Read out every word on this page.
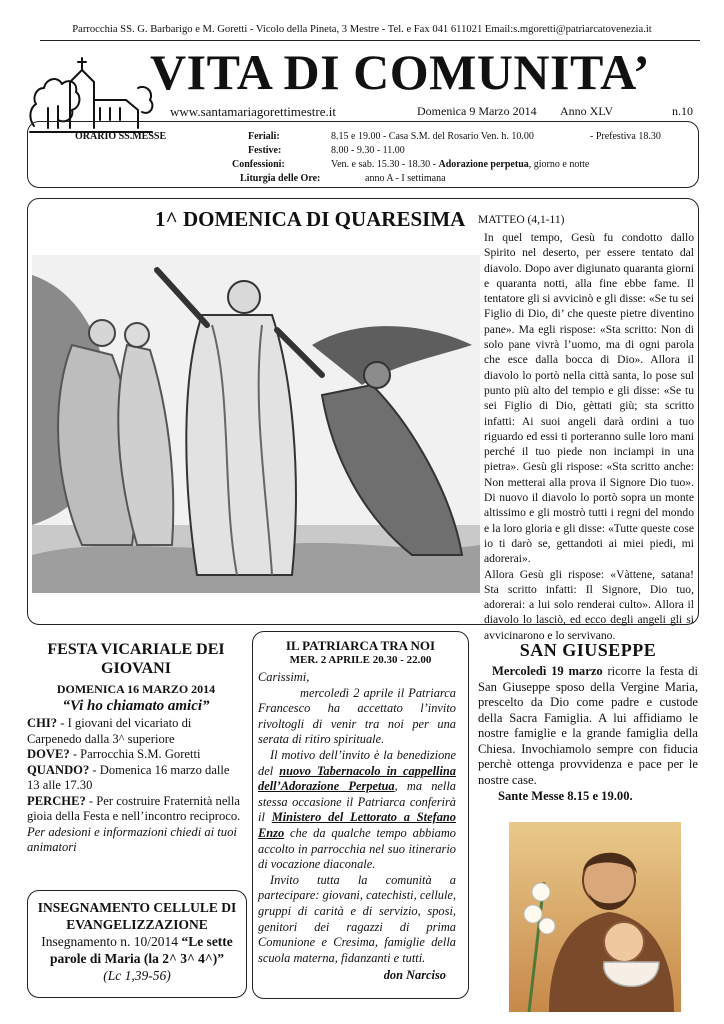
Parrocchia SS. G. Barbarigo e M. Goretti - Vicolo della Pineta, 3 Mestre - Tel. e Fax 041 611021 Email:s.mgoretti@patriarcatovenezia.it
VITA DI COMUNITA’
www.santamariagorettimestre.it	Domenica 9 Marzo 2014 Anno XLV	n.10
ORARIO SS.MESSE	Feriali:	8.15 e 19.00 - Casa S.M. del Rosario Ven. h. 10.00	- Prefestiva 18.30
Festive:	8.00 - 9.30 - 11.00
Confessioni:	Ven. e sab. 15.30 - 18.30 - Adorazione perpetua, giorno e notte
Liturgia delle Ore:	anno A - I settimana
1^ DOMENICA DI QUARESIMA MATTEO (4,1-11)

In quel tempo, Gesù fu condotto dallo Spirito nel deserto, per essere tentato dal diavolo. Dopo aver digiunato quaranta giorni e quaranta notti, alla fine ebbe fame. Il tentatore gli si avvicinò e gli disse: «Se tu sei Figlio di Dio, di’ che queste pietre diventino pane». Ma egli rispose: «Sta scritto: Non di solo pane vivrà l’uomo, ma di ogni parola che esce dalla bocca di Dio». Allora il diavolo lo portò nella città santa, lo pose sul punto più alto del tempio e gli disse: «Se tu sei Figlio di Dio, gèttati giù; sta scritto infatti: Ai suoi angeli darà ordini a tuo riguardo ed essi ti porteranno sulle loro mani perché il tuo piede non inciampi in una pietra». Gesù gli rispose: «Sta scritto anche: Non metterai alla prova il Signore Dio tuo». Di nuovo il diavolo lo portò sopra un monte altissimo e gli mostrò tutti i regni del mondo e la loro gloria e gli disse: «Tutte queste cose io ti darò se, gettandoti ai miei piedi, mi adorerai».

Allora Gesù gli rispose: «Vàttene, satana! Sta scritto infatti: Il Signore, Dio tuo, adorerai: a lui solo renderai culto». Allora il diavolo lo lasciò, ed ecco degli angeli gli si avvicinarono e lo servivano.

FESTA VICARIALE DEI GIOVANI
DOMENICA 16 MARZO 2014
“Vi ho chiamato amici”

CHI? - I giovani del vicariato di Carpenedo dalla 3^ superiore

DOVE? - Parrocchia S.M. Goretti

QUANDO? - Domenica 16 marzo dalle 13 alle 17.30

PERCHE? - Per costruire Fraternità nella gioia della Festa e nell’incontro reciproco.

Per adesioni e informazioni chiedi ai tuoi animatori

INSEGNAMENTO CELLULE DI EVANGELIZZAZIONE
Insegnamento n. 10/2014 “Le sette parole di Maria (la 2^ 3^ 4^)”
(Lc 1,39-56)
IL PATRIARCA TRA NOI
MER. 2 APRILE 20.30 - 22.00

Carissimi,

mercoledì 2 aprile il Patriarca Francesco ha accettato l’invito rivoltogli di venir tra noi per una serata di ritiro spirituale.

Il motivo dell’invito è la benedizione del nuovo Tabernacolo in cappellina dell’Adorazione Perpetua, ma nella stessa occasione il Patriarca conferirà il Ministero del Lettorato a Stefano Enzo che da qualche tempo abbiamo accolto in parrocchia nel suo itinerario di vocazione diaconale.

Invito tutta la comunità a partecipare: giovani, catechisti, cellule, gruppi di carità e di servizio, sposi, genitori dei ragazzi di prima Comunione e Cresima, famiglie della scuola materna, fidanzanti e tutti.

don Narciso
SAN GIUSEPPE
Mercoledì 19 marzo ricorre la festa di San Giuseppe sposo della Vergine Maria, prescelto da Dio come padre e custode della Sacra Famiglia. A lui affidiamo le nostre famiglie e la grande famiglia della Chiesa. Invochiamolo sempre con fiducia perchè ottenga provvidenza e pace per le nostre case.
Sante Messe 8.15 e 19.00.
